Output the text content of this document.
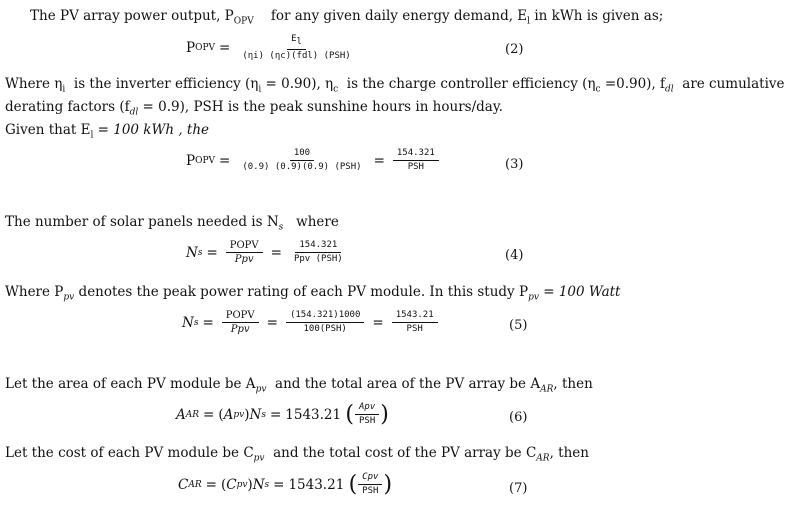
The PV array power output, $P_{OPV}$ for any given daily energy demand, $E_l$ in kWh is given as;
P OPV = $\frac{E_l}{\text{(ηi) (ηc)(fdl) (PSH)}}$	(2)
Where $\eta_i$ is the inverter efficiency $(\eta_i = 0.90)$, $\eta_c$ is the charge controller efficiency $(\eta_c =0.90)$, $f_{dl}$ are cumulative
derating factors $(f_{dl} = 0.9)$, PSH is the peak sunshine hours in hours/day.
Given that $E_l = 100$ kWh , the
P OPV = $\frac{100}{\text{(0.9) (0.9)(0.9) (PSH)}} = \frac{154.321}{\text{PSH}}$	(3)
The number of solar panels needed is $N_s$ where
N $s = \frac{\text{POPV}}{\text{Ppv}} = \frac{154.321}{\text{Ppv (PSH)}}$	(4)
Where $P_{pv}$ denotes the peak power rating of each PV module. In this study $P_{pv} = 100$ Watt
N $s = \frac{\text{POPV}}{\text{Ppv}} = \frac{(154.321)1000}{\text{100(PSH)}} = \frac{1543.21}{\text{PSH}}$	(5)
Let the area of each PV module be $A_{pv}$ and the total area of the PV array be $A_{AR}$, then
A AR = ( A pv ) N s = 1543.21
( $\frac{\text{Apv}}{\text{PSH}}$ )	(6)
Let the cost of each PV module be $C_{pv}$ and the total cost of the PV array be $C_{AR}$, then
C AR = ( C pv ) N s = 1543.21
( $\frac{\text{Cpv}}{\text{PSH}}$ )	(7)
